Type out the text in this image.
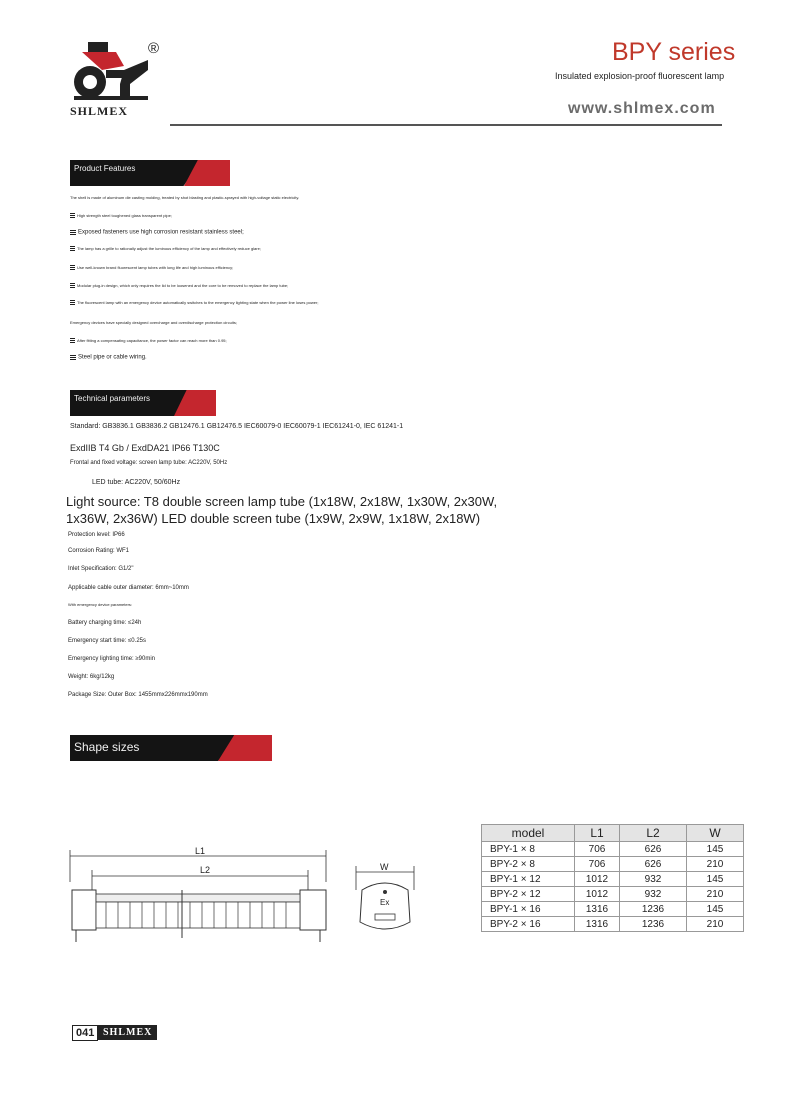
SHLMEX
®	BPY series
Insulated explosion-proof fluorescent lamp
www.shlmex.com
Product Features
The shell is made of aluminum die casting molding, treated by shot blasting and plastic-sprayed with high-voltage static electricity.
High strength steel toughened glass transparent pipe;
Exposed fasteners use high corrosion resistant stainless steel;
The lamp has a grille to rationally adjust the luminous efficiency of the lamp and effectively reduce glare;
Use well-known brand fluorescent lamp tubes with long life and high luminous efficiency;
Modular plug-in design, which only requires the lid to be loosened and the core to be removed to replace the lamp tube;
The fluorescent lamp with an emergency device automatically switches to the emergency lighting state when the power line loses power;
Emergency devices have specially designed overcharge and overdischarge protection circuits;
After fitting a compensating capacitance, the power factor can reach more than 0.95;
Steel pipe or cable wiring.
Technical parameters
Standard: GB3836.1 GB3836.2 GB12476.1 GB12476.5 IEC60079-0 IEC60079-1 IEC61241-0, IEC 61241-1
ExdIIB T4 Gb / ExdDA21 IP66 T130C
Frontal and fixed voltage: screen lamp tube: AC220V, 50Hz
LED tube: AC220V, 50/60Hz
Light source: T8 double screen lamp tube (1x18W, 2x18W, 1x30W, 2x30W,
1x36W, 2x36W) LED double screen tube (1x9W, 2x9W, 1x18W, 2x18W)
Protection level: IP66
Corrosion Rating: WF1
Inlet Specification: G1/2"
Applicable cable outer diameter: 6mm~10mm
With emergency device parameters:
Battery charging time: ≤24h
Emergency start time: ≤0.25s
Emergency lighting time: ≥90min
Weight: 6kg/12kg
Package Size: Outer Box: 1455mmx226mmx190mm
Shape sizes
L1
L2	W
Ex
model	L1	L2	W
BPY-1 × 8	706	626	145
BPY-2 × 8	706	626	210
BPY-1 × 12	1012	932	145
BPY-2 × 12	1012	932	210
BPY-1 × 16	1316	1236	145
BPY-2 × 16	1316	1236	210
041 SHLMEX
